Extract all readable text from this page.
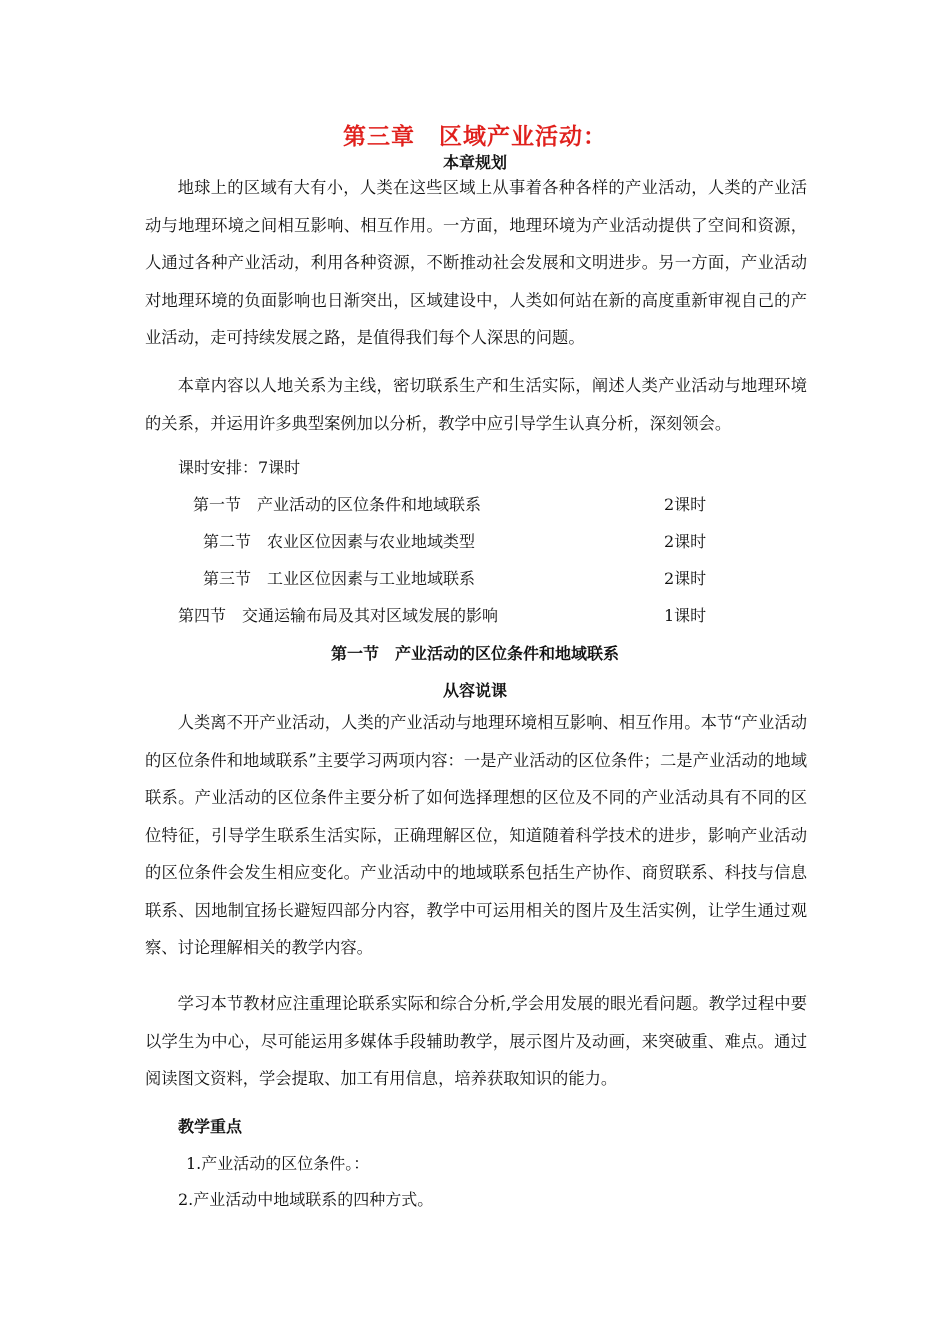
第三章　区域产业活动：
本章规划

地球上的区域有大有小，人类在这些区域上从事着各种各样的产业活动，人类的产业活动与地理环境之间相互影响、相互作用。一方面，地理环境为产业活动提供了空间和资源，人通过各种产业活动，利用各种资源，不断推动社会发展和文明进步。另一方面，产业活动对地理环境的负面影响也日渐突出，区域建设中，人类如何站在新的高度重新审视自己的产业活动，走可持续发展之路，是值得我们每个人深思的问题。

本章内容以人地关系为主线，密切联系生产和生活实际，阐述人类产业活动与地理环境的关系，并运用许多典型案例加以分析，教学中应引导学生认真分析，深刻领会。

课时安排：7课时
第一节　产业活动的区位条件和地域联系	2课时
第二节　农业区位因素与农业地域类型	2课时
第三节　工业区位因素与工业地域联系	2课时
第四节　交通运输布局及其对区域发展的影响	1课时
第一节　产业活动的区位条件和地域联系
从容说课

人类离不开产业活动，人类的产业活动与地理环境相互影响、相互作用。本节“产业活动的区位条件和地域联系”主要学习两项内容：一是产业活动的区位条件；二是产业活动的地域联系。产业活动的区位条件主要分析了如何选择理想的区位及不同的产业活动具有不同的区位特征，引导学生联系生活实际，正确理解区位，知道随着科学技术的进步，影响产业活动的区位条件会发生相应变化。产业活动中的地域联系包括生产协作、商贸联系、科技与信息联系、因地制宜扬长避短四部分内容，教学中可运用相关的图片及生活实例，让学生通过观察、讨论理解相关的教学内容。

学习本节教材应注重理论联系实际和综合分析,学会用发展的眼光看问题。教学过程中要以学生为中心，尽可能运用多媒体手段辅助教学，展示图片及动画，来突破重、难点。通过阅读图文资料，学会提取、加工有用信息，培养获取知识的能力。

教学重点
1.产业活动的区位条件。：
2.产业活动中地域联系的四种方式。
